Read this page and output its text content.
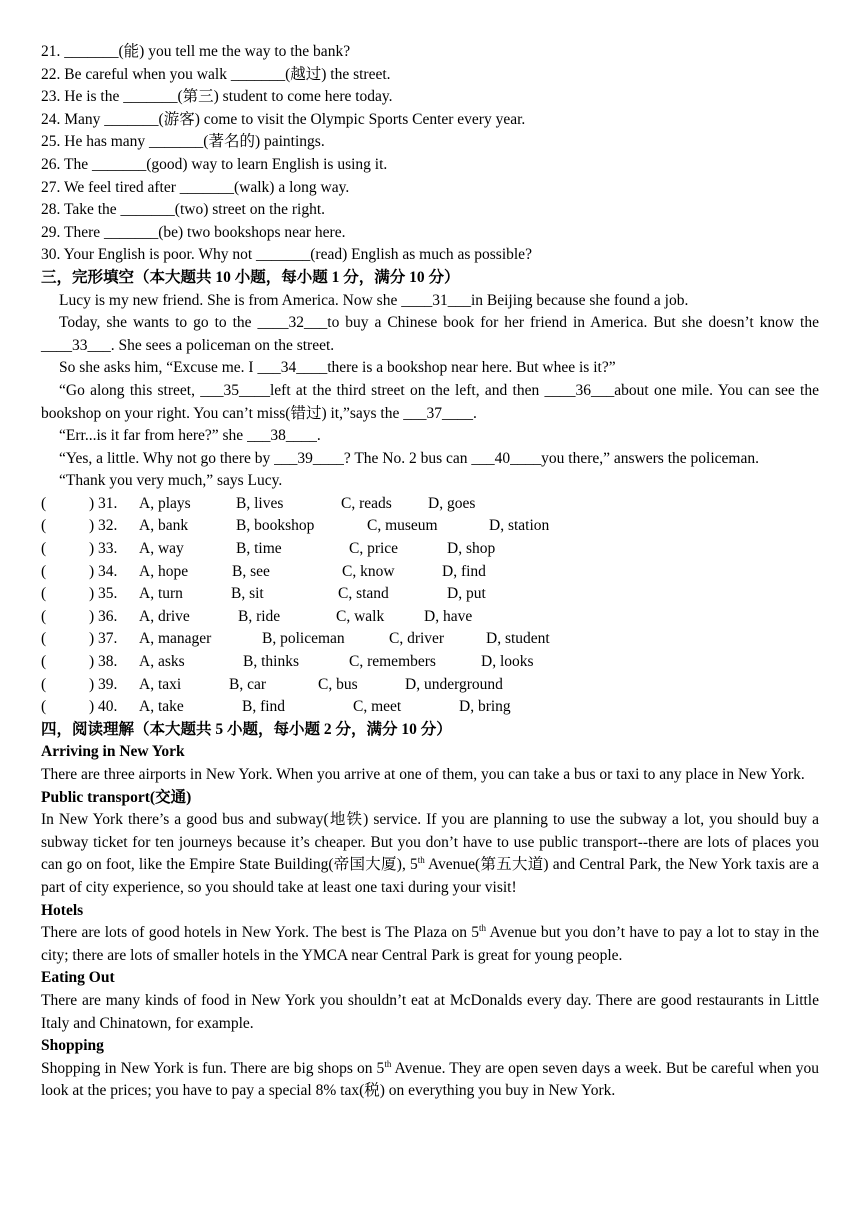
21. _______(能) you tell me the way to the bank?
22. Be careful when you walk _______(越过) the street.
23. He is the _______(第三) student to come here today.
24. Many _______(游客) come to visit the Olympic Sports Center every year.
25. He has many _______(著名的) paintings.
26. The _______(good) way to learn English is using it.
27. We feel tired after _______(walk) a long way.
28. Take the _______(two) street on the right.
29. There _______(be) two bookshops near here.
30. Your English is poor. Why not _______(read) English as much as possible?
三，完形填空（本大题共 10 小题，每小题 1 分，满分 10 分）
Lucy is my new friend. She is from America. Now she ____31___in Beijing because she found a job.
Today, she wants to go to the ____32___to buy a Chinese book for her friend in America. But she doesn’t know the ____33___. She sees a policeman on the street.
So she asks him, “Excuse me. I ___34____there is a bookshop near here. But whee is it?”
“Go along this street, ___35____left at the third street on the left, and then ____36___about one mile. You can see the bookshop on your right. You can’t miss(错过) it,”says the ___37____.
“Err...is it far from here?” she ___38____.
“Yes, a little. Why not go there by ___39____? The No. 2 bus can ___40____you there,” answers the policeman.
“Thank you very much,” says Lucy.
(	) 31.	A, plays	B, lives	C, reads	D, goes
(	) 32.	A, bank	B, bookshop	C, museum	D, station
(	) 33.	A, way	B, time	C, price	D, shop
(	) 34.	A, hope	B, see	C, know	D, find
(	) 35.	A, turn	B, sit	C, stand	D, put
(	) 36.	A, drive	B, ride	C, walk	D, have
(	) 37.	A, manager	B, policeman	C, driver	D, student
(	) 38.	A, asks	B, thinks	C, remembers	D, looks
(	) 39.	A, taxi	B, car	C, bus	D, underground
(	) 40.	A, take	B, find	C, meet	D, bring
四，阅读理解（本大题共 5 小题，每小题 2 分，满分 10 分）
Arriving in New York
There are three airports in New York. When you arrive at one of them, you can take a bus or taxi to any place in New York.
Public transport(交通)
In New York there’s a good bus and subway(地铁) service. If you are planning to use the subway a lot, you should buy a subway ticket for ten journeys because it’s cheaper. But you don’t have to use public transport--there are lots of places you can go on foot, like the Empire State Building(帝国大厦), 5th Avenue(第五大道) and Central Park, the New York taxis are a part of city experience, so you should take at least one taxi during your visit!
Hotels
There are lots of good hotels in New York. The best is The Plaza on 5th Avenue but you don’t have to pay a lot to stay in the city; there are lots of smaller hotels in the YMCA near Central Park is great for young people.
Eating Out
There are many kinds of food in New York you shouldn’t eat at McDonalds every day. There are good restaurants in Little Italy and Chinatown, for example.
Shopping
Shopping in New York is fun. There are big shops on 5th Avenue. They are open seven days a week. But be careful when you look at the prices; you have to pay a special 8% tax(税) on everything you buy in New York.
